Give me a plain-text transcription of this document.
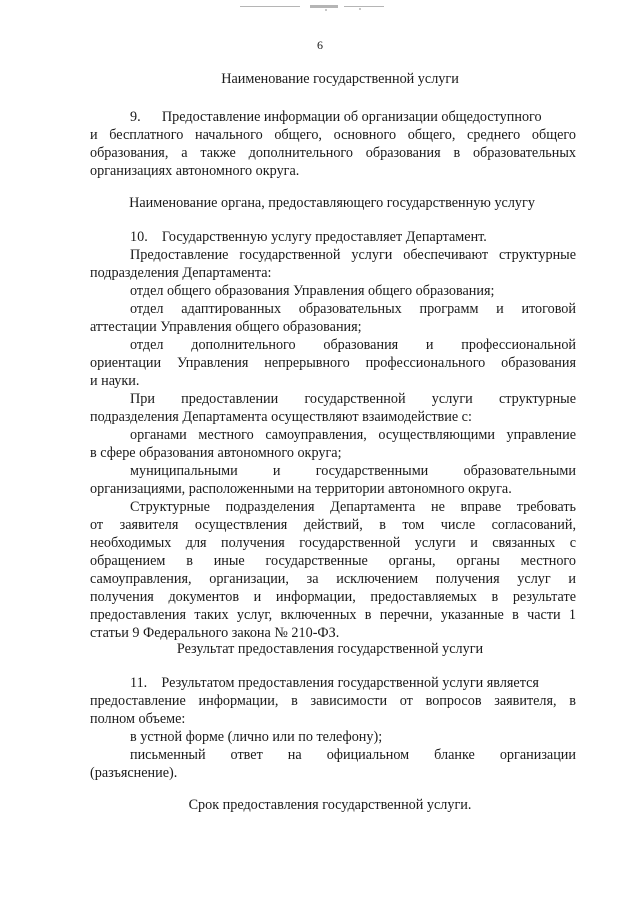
6
Наименование государственной услуги
9.      Предоставление информации об организации общедоступного
и бесплатного начального общего, основного общего, среднего общего
образования, а также дополнительного образования в образовательных
организациях автономного округа.
Наименование органа, предоставляющего государственную услугу
10.    Государственную услугу предоставляет Департамент.
Предоставление государственной услуги обеспечивают структурные
подразделения Департамента:
отдел общего образования Управления общего образования;
отдел адаптированных образовательных программ и итоговой
аттестации Управления общего образования;
отдел дополнительного образования и профессиональной
ориентации Управления непрерывного профессионального образования
и науки.
При предоставлении государственной услуги структурные
подразделения Департамента осуществляют взаимодействие с:
органами местного самоуправления, осуществляющими управление
в сфере образования автономного округа;
муниципальными и государственными образовательными
организациями, расположенными на территории автономного округа.
Структурные подразделения Департамента не вправе требовать
от заявителя осуществления действий, в том числе согласований,
необходимых для получения государственной услуги и связанных с
обращением в иные государственные органы, органы местного
самоуправления, организации, за исключением получения услуг и
получения документов и информации, предоставляемых в результате
предоставления таких услуг, включенных в перечни, указанные в части 1
статьи 9 Федерального закона № 210-ФЗ.
Результат предоставления государственной услуги
11.    Результатом предоставления государственной услуги является
предоставление информации, в зависимости от вопросов заявителя, в
полном объеме:
в устной форме (лично или по телефону);
письменный ответ на официальном бланке организации
(разъяснение).
Срок предоставления государственной услуги.
